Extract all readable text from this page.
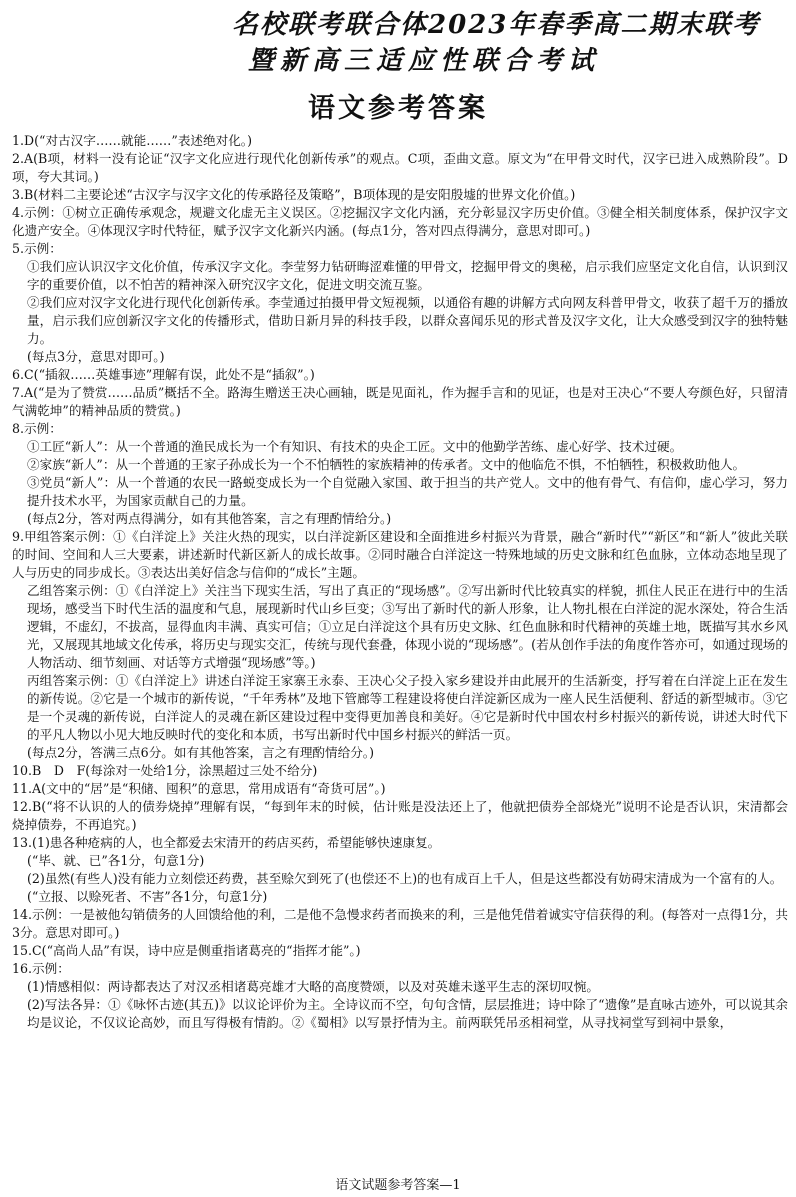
名校联考联合体2023年春季高二期末联考
暨新高三适应性联合考试
语文参考答案

1.D(“对古汉字……就能……”表述绝对化。)

2.A(B项，材料一没有论证“汉字文化应进行现代化创新传承”的观点。C项，歪曲文意。原文为“在甲骨文时代，汉字已进入成熟阶段”。D项，夸大其词。)

3.B(材料二主要论述“古汉字与汉字文化的传承路径及策略”，B项体现的是安阳殷墟的世界文化价值。)

4.示例：①树立正确传承观念，规避文化虚无主义误区。②挖掘汉字文化内涵，充分彰显汉字历史价值。③健全相关制度体系，保护汉字文化遗产安全。④体现汉字时代特征，赋予汉字文化新兴内涵。(每点1分，答对四点得满分，意思对即可。)

5.示例：

①我们应认识汉字文化价值，传承汉字文化。李莹努力钻研晦涩难懂的甲骨文，挖掘甲骨文的奥秘，启示我们应坚定文化自信，认识到汉字的重要价值，以不怕苦的精神深入研究汉字文化，促进文明交流互鉴。

②我们应对汉字文化进行现代化创新传承。李莹通过拍摄甲骨文短视频，以通俗有趣的讲解方式向网友科普甲骨文，收获了超千万的播放量，启示我们应创新汉字文化的传播形式，借助日新月异的科技手段，以群众喜闻乐见的形式普及汉字文化，让大众感受到汉字的独特魅力。

(每点3分，意思对即可。)

6.C(“插叙……英雄事迹”理解有误，此处不是“插叙”。)

7.A(“是为了赞赏……品质”概括不全。路海生赠送王决心画轴，既是见面礼，作为握手言和的见证，也是对王决心“不要人夸颜色好，只留清气满乾坤”的精神品质的赞赏。)

8.示例：

①工匠“新人”：从一个普通的渔民成长为一个有知识、有技术的央企工匠。文中的他勤学苦练、虚心好学、技术过硬。

②家族“新人”：从一个普通的王家子孙成长为一个不怕牺牲的家族精神的传承者。文中的他临危不惧，不怕牺牲，积极救助他人。

③党员“新人”：从一个普通的农民一路蜕变成长为一个自觉融入家国、敢于担当的共产党人。文中的他有骨气、有信仰，虚心学习，努力提升技术水平，为国家贡献自己的力量。

(每点2分，答对两点得满分，如有其他答案，言之有理酌情给分。)

9.甲组答案示例：①《白洋淀上》关注火热的现实，以白洋淀新区建设和全面推进乡村振兴为背景，融合“新时代”“新区”和“新人”彼此关联的时间、空间和人三大要素，讲述新时代新区新人的成长故事。②同时融合白洋淀这一特殊地域的历史文脉和红色血脉，立体动态地呈现了人与历史的同步成长。③表达出美好信念与信仰的“成长”主题。

乙组答案示例：①《白洋淀上》关注当下现实生活，写出了真正的“现场感”。②写出新时代比较真实的样貌，抓住人民正在进行中的生活现场，感受当下时代生活的温度和气息，展现新时代山乡巨变；③写出了新时代的新人形象，让人物扎根在白洋淀的泥水深处，符合生活逻辑，不虚幻，不拔高，显得血肉丰满、真实可信；①立足白洋淀这个具有历史文脉、红色血脉和时代精神的英雄土地，既描写其水乡风光，又展现其地域文化传承，将历史与现实交汇，传统与现代套叠，体现小说的“现场感”。(若从创作手法的角度作答亦可，如通过现场的人物活动、细节刻画、对话等方式增强“现场感”等。)

丙组答案示例：①《白洋淀上》讲述白洋淀王家寨王永泰、王决心父子投入家乡建设并由此展开的生活新变，抒写着在白洋淀上正在发生的新传说。②它是一个城市的新传说，“千年秀林”及地下管廊等工程建设将使白洋淀新区成为一座人民生活便利、舒适的新型城市。③它是一个灵魂的新传说，白洋淀人的灵魂在新区建设过程中变得更加善良和美好。④它是新时代中国农村乡村振兴的新传说，讲述大时代下的平凡人物以小见大地反映时代的变化和本质，书写出新时代中国乡村振兴的鲜活一页。

(每点2分，答满三点6分。如有其他答案，言之有理酌情给分。)

10.B　D　F(每涂对一处给1分，涂黑超过三处不给分)

11.A(文中的“居”是“积储、囤积”的意思，常用成语有“奇货可居”。)

12.B(“将不认识的人的债券烧掉”理解有误，“每到年末的时候，估计账是没法还上了，他就把债券全部烧光”说明不论是否认识，宋清都会烧掉债券，不再追究。)

13.(1)患各种疮病的人，也全都爱去宋清开的药店买药，希望能够快速康复。

(“毕、就、已”各1分，句意1分)

(2)虽然(有些人)没有能力立刻偿还药费，甚至赊欠到死了(也偿还不上)的也有成百上千人，但是这些都没有妨碍宋清成为一个富有的人。

(“立报、以赊死者、不害”各1分，句意1分)

14.示例：一是被他勾销债务的人回馈给他的利，二是他不急慢求药者而换来的利，三是他凭借着诚实守信获得的利。(每答对一点得1分，共3分。意思对即可。)

15.C(“高尚人品”有误，诗中应是侧重指诸葛亮的“指挥才能”。)

16.示例：

(1)情感相似：两诗都表达了对汉丞相诸葛亮雄才大略的高度赞颂，以及对英雄未遂平生志的深切叹惋。

(2)写法各异：①《咏怀古迹(其五)》以议论评价为主。全诗议而不空，句句含情，层层推进；诗中除了“遗像”是直咏古迹外，可以说其余均是议论，不仅议论高妙，而且写得极有情韵。②《蜀相》以写景抒情为主。前两联凭吊丞相祠堂，从寻找祠堂写到祠中景象，

语文试题参考答案—1
